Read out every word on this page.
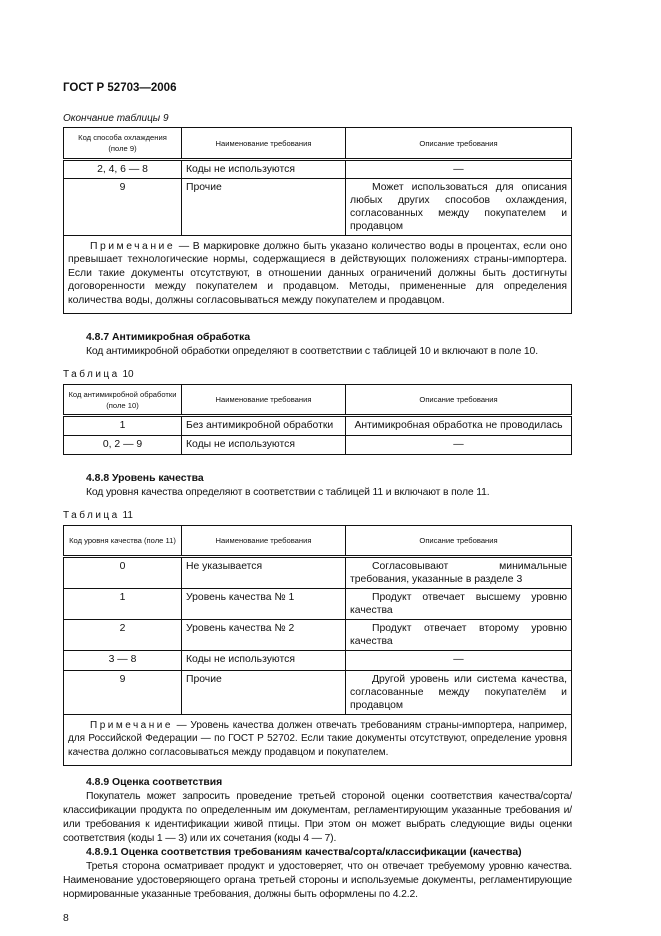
ГОСТ Р 52703—2006
Окончание таблицы 9
Код способа охлаждения (поле 9)	Наименование требования	Описание требования
2, 4, 6 — 8	Коды не используются	—
9	Прочие	Может использоваться для описания любых других способов охлаждения, согласованных между покупателем и продавцом
Примечание — В маркировке должно быть указано количество воды в процентах, если оно превышает технологические нормы, содержащиеся в действующих положениях страны-импортера. Если такие документы отсутствуют, в отношении данных ограничений должны быть достигнуты договоренности между покупателем и продавцом. Методы, примененные для определения количества воды, должны согласовываться между покупателем и продавцом.		
4.8.7 Антимикробная обработка
Код антимикробной обработки определяют в соответствии с таблицей 10 и включают в поле 10.
Таблица 10
Код антимикробной обработки (поле 10)	Наименование требования	Описание требования
1	Без антимикробной обработки	Антимикробная обработка не проводилась
0, 2 — 9	Коды не используются	—
4.8.8 Уровень качества
Код уровня качества определяют в соответствии с таблицей 11 и включают в поле 11.
Таблица 11
Код уровня качества (поле 11)	Наименование требования	Описание требования
0	Не указывается	Согласовывают минимальные требования, указанные в разделе 3
1	Уровень качества № 1	Продукт отвечает высшему уровню качества
2	Уровень качества № 2	Продукт отвечает второму уровню качества
3 — 8	Коды не используются	—
9	Прочие	Другой уровень или система качества, согласованные между покупателём и продавцом
Примечание — Уровень качества должен отвечать требованиям страны-импортера, например, для Российской Федерации — по ГОСТ Р 52702. Если такие документы отсутствуют, определение уровня качества должно согласовываться между продавцом и покупателем.		
4.8.9 Оценка соответствия
Покупатель может запросить проведение третьей стороной оценки соответствия качества/сорта/классификации продукта по определенным им документам, регламентирующим указанные требования и/или требования к идентификации живой птицы. При этом он может выбрать следующие виды оценки соответствия (коды 1 — 3) или их сочетания (коды 4 — 7).
4.8.9.1 Оценка соответствия требованиям качества/сорта/классификации (качества)
Третья сторона осматривает продукт и удостоверяет, что он отвечает требуемому уровню качества. Наименование удостоверяющего органа третьей стороны и используемые документы, регламентирующие нормированные указанные требования, должны быть оформлены по 4.2.2.
8
